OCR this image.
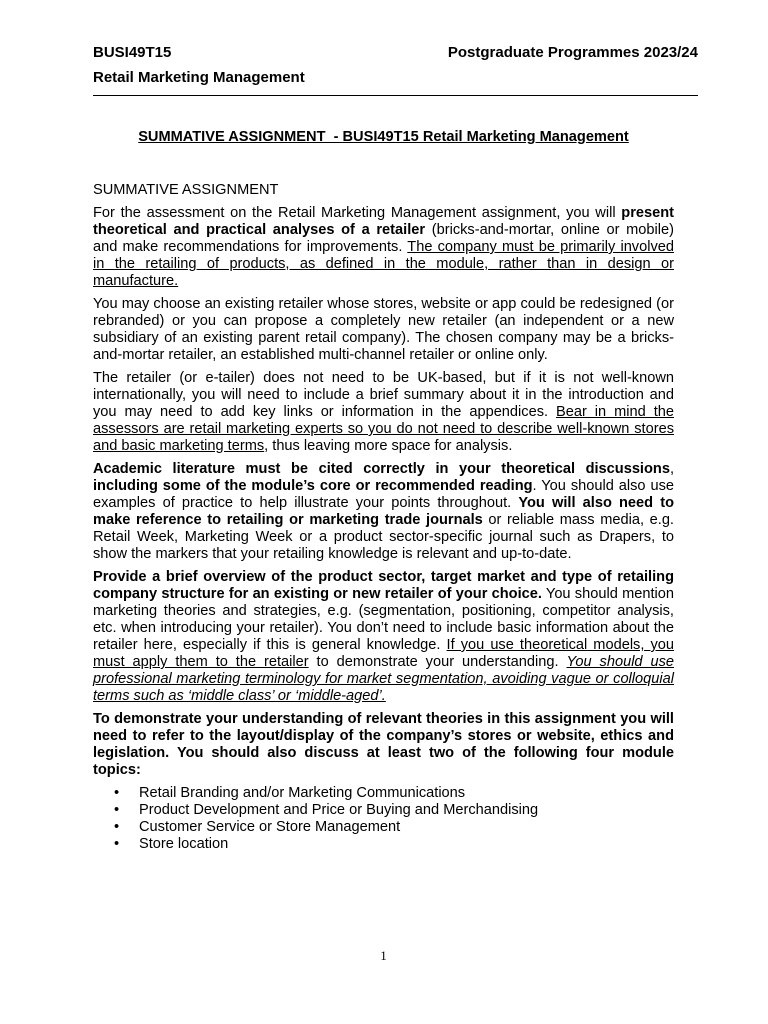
BUSI49T15	Postgraduate Programmes 2023/24
Retail Marketing Management
SUMMATIVE ASSIGNMENT  - BUSI49T15 Retail Marketing Management
SUMMATIVE ASSIGNMENT

For the assessment on the Retail Marketing Management assignment, you will present theoretical and practical analyses of a retailer (bricks-and-mortar, online or mobile) and make recommendations for improvements. The company must be primarily involved in the retailing of products, as defined in the module, rather than in design or manufacture.

You may choose an existing retailer whose stores, website or app could be redesigned (or rebranded) or you can propose a completely new retailer (an independent or a new subsidiary of an existing parent retail company). The chosen company may be a bricks-and-mortar retailer, an established multi-channel retailer or online only.

The retailer (or e-tailer) does not need to be UK-based, but if it is not well-known internationally, you will need to include a brief summary about it in the introduction and you may need to add key links or information in the appendices. Bear in mind the assessors are retail marketing experts so you do not need to describe well-known stores and basic marketing terms, thus leaving more space for analysis.

Academic literature must be cited correctly in your theoretical discussions, including some of the module’s core or recommended reading. You should also use examples of practice to help illustrate your points throughout. You will also need to make reference to retailing or marketing trade journals or reliable mass media, e.g. Retail Week, Marketing Week or a product sector-specific journal such as Drapers, to show the markers that your retailing knowledge is relevant and up-to-date.

Provide a brief overview of the product sector, target market and type of retailing company structure for an existing or new retailer of your choice. You should mention marketing theories and strategies, e.g. (segmentation, positioning, competitor analysis, etc. when introducing your retailer). You don’t need to include basic information about the retailer here, especially if this is general knowledge. If you use theoretical models, you must apply them to the retailer to demonstrate your understanding. You should use professional marketing terminology for market segmentation, avoiding vague or colloquial terms such as ‘middle class’ or ‘middle-aged’.

To demonstrate your understanding of relevant theories in this assignment you will need to refer to the layout/display of the company’s stores or website, ethics and legislation. You should also discuss at least two of the following four module topics:

• Retail Branding and/or Marketing Communications
• Product Development and Price or Buying and Merchandising
• Customer Service or Store Management
• Store location
1
